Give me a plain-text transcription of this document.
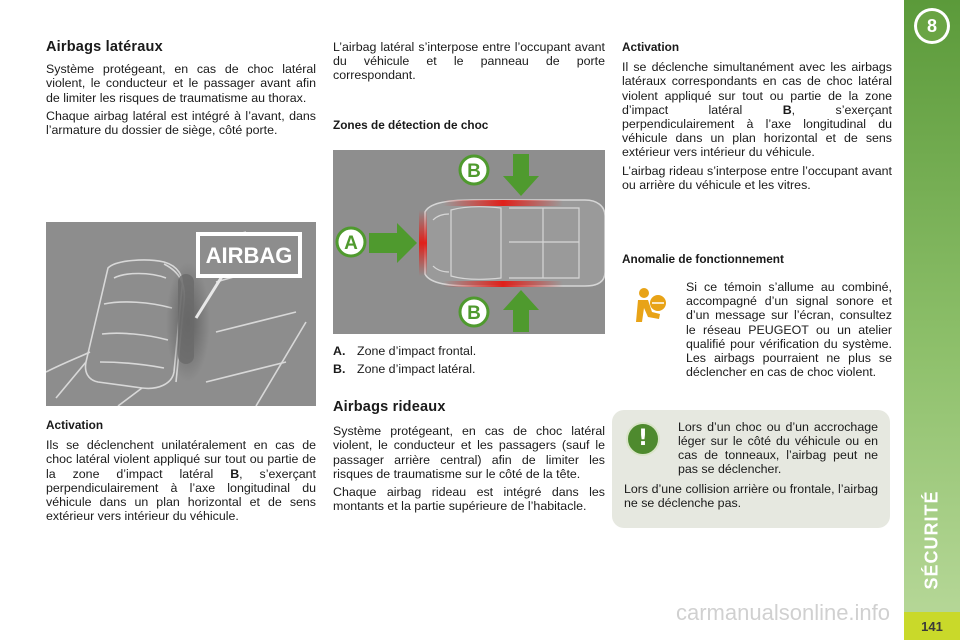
Airbags latéraux

Système protégeant, en cas de choc latéral violent, le conducteur et le passager avant afin de limiter les risques de traumatisme au thorax.

Chaque airbag latéral est intégré à l’avant, dans l’armature du dossier de siège, côté porte.

AIRBAG
Activation

Ils se déclenchent unilatéralement en cas de choc latéral violent appliqué sur tout ou partie de la zone d’impact latéral B, s’exerçant perpendiculairement à l’axe longitudinal du véhicule dans un plan horizontal et de sens extérieur vers intérieur du véhicule.

L’airbag latéral s’interpose entre l’occupant avant du véhicule et le panneau de porte correspondant.

Zones de détection de choc
A
B
B
A. Zone d’impact frontal.
B. Zone d’impact latéral.
Airbags rideaux

Système protégeant, en cas de choc latéral violent, le conducteur et les passagers (sauf le passager arrière central) afin de limiter les risques de traumatisme sur le côté de la tête.

Chaque airbag rideau est intégré dans les montants et la partie supérieure de l’habitacle.

Activation

Il se déclenche simultanément avec les airbags latéraux correspondants en cas de choc latéral violent appliqué sur tout ou partie de la zone d’impact latéral B, s’exerçant perpendiculairement à l’axe longitudinal du véhicule dans un plan horizontal et de sens extérieur vers intérieur du véhicule.

L’airbag rideau s’interpose entre l’occupant avant ou arrière du véhicule et les vitres.

Anomalie de fonctionnement
Si ce témoin s’allume au combiné, accompagné d’un signal sonore et d’un message sur l’écran, consultez le réseau PEUGEOT ou un atelier qualifié pour vérification du système. Les airbags pourraient ne plus se déclencher en cas de choc violent.
!	Lors d’un choc ou d’un accrochage léger sur le côté du véhicule ou en cas de tonneaux, l’airbag peut ne pas se déclencher.

Lors d’une collision arrière ou frontale, l’airbag ne se déclenche pas.

8
SÉCURITÉ
141
carmanualsonline.info
